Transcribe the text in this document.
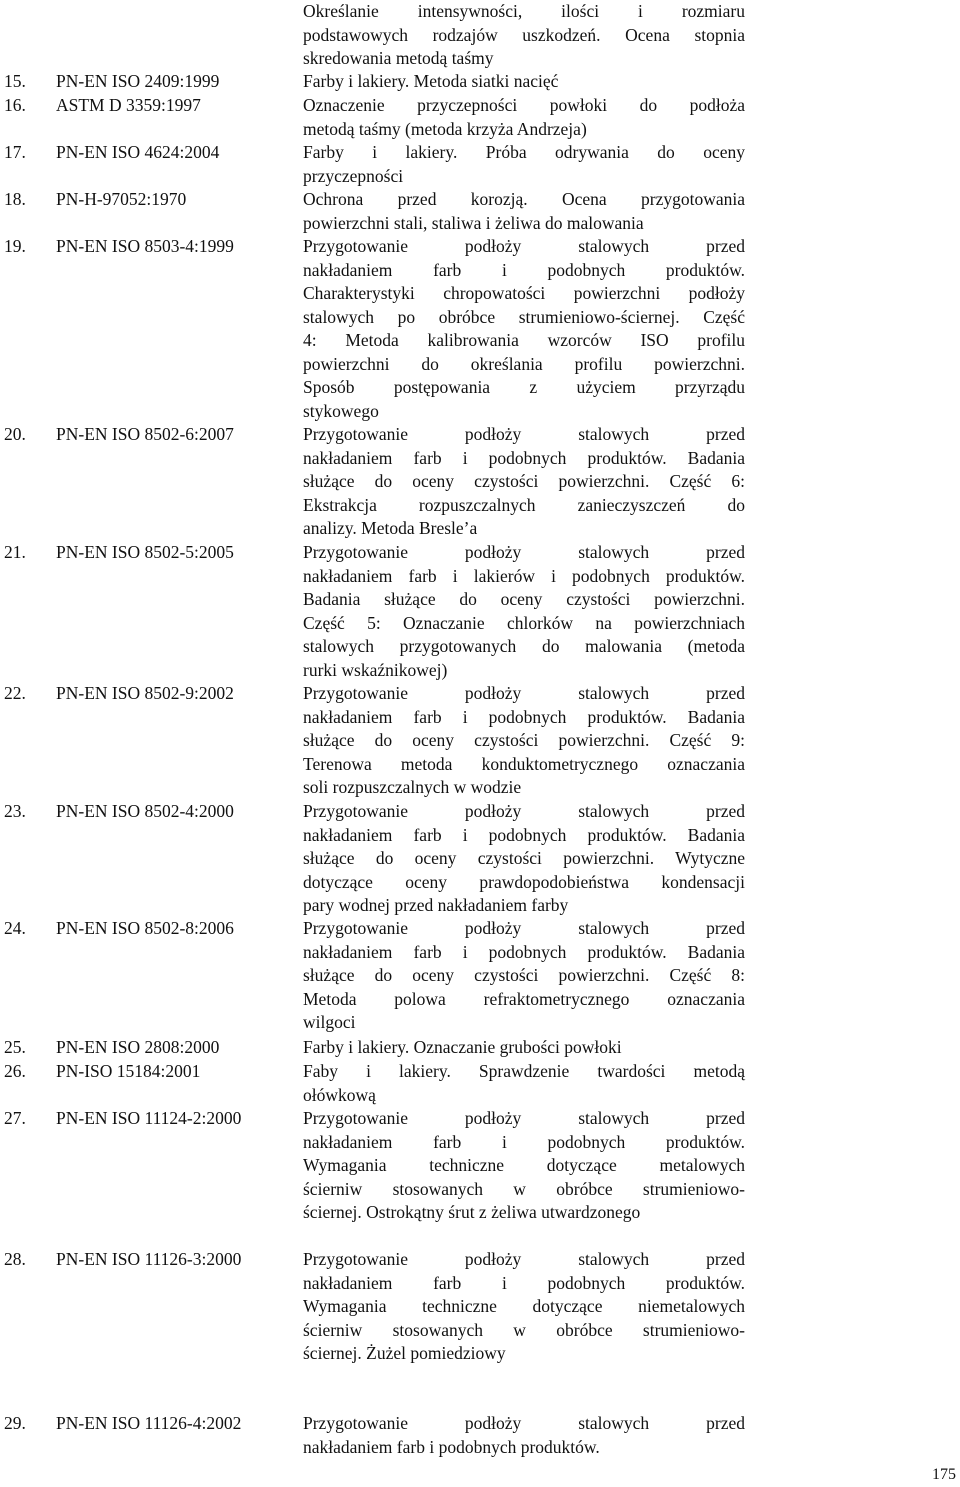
Określanie intensywności, ilości i rozmiaru
podstawowych rodzajów uszkodzeń. Ocena stopnia
skredowania metodą taśmy
15. PN-EN ISO 2409:1999	Farby i lakiery. Metoda siatki nacięć
16. ASTM D 3359:1997	Oznaczenie przyczepności powłoki do podłoża
metodą taśmy (metoda krzyża Andrzeja)
17. PN-EN ISO 4624:2004	Farby i lakiery. Próba odrywania do oceny
przyczepności
18. PN-H-97052:1970	Ochrona przed korozją. Ocena przygotowania
powierzchni stali, staliwa i żeliwa do malowania
19. PN-EN ISO 8503-4:1999	Przygotowanie podłoży stalowych przed
nakładaniem farb i podobnych produktów.
Charakterystyki chropowatości powierzchni podłoży
stalowych po obróbce strumieniowo-ściernej. Część
4: Metoda kalibrowania wzorców ISO profilu
powierzchni do określania profilu powierzchni.
Sposób postępowania z użyciem przyrządu
stykowego
20. PN-EN ISO 8502-6:2007	Przygotowanie podłoży stalowych przed
nakładaniem farb i podobnych produktów. Badania
służące do oceny czystości powierzchni. Część 6:
Ekstrakcja rozpuszczalnych zanieczyszczeń do
analizy. Metoda Bresle’a
21. PN-EN ISO 8502-5:2005	Przygotowanie podłoży stalowych przed
nakładaniem farb i lakierów i podobnych produktów.
Badania służące do oceny czystości powierzchni.
Część 5: Oznaczanie chlorków na powierzchniach
stalowych przygotowanych do malowania (metoda
rurki wskaźnikowej)
22. PN-EN ISO 8502-9:2002	Przygotowanie podłoży stalowych przed
nakładaniem farb i podobnych produktów. Badania
służące do oceny czystości powierzchni. Część 9:
Terenowa metoda konduktometrycznego oznaczania
soli rozpuszczalnych w wodzie
23. PN-EN ISO 8502-4:2000	Przygotowanie podłoży stalowych przed
nakładaniem farb i podobnych produktów. Badania
służące do oceny czystości powierzchni. Wytyczne
dotyczące oceny prawdopodobieństwa kondensacji
pary wodnej przed nakładaniem farby
24. PN-EN ISO 8502-8:2006	Przygotowanie podłoży stalowych przed
nakładaniem farb i podobnych produktów. Badania
służące do oceny czystości powierzchni. Część 8:
Metoda polowa refraktometrycznego oznaczania
wilgoci
25. PN-EN ISO 2808:2000	Farby i lakiery. Oznaczanie grubości powłoki
26. PN-ISO 15184:2001	Faby i lakiery. Sprawdzenie twardości metodą
ołówkową
27. PN-EN ISO 11124-2:2000	Przygotowanie podłoży stalowych przed
nakładaniem farb i podobnych produktów.
Wymagania techniczne dotyczące metalowych
ścierniw stosowanych w obróbce strumieniowo-
ściernej. Ostrokątny śrut z żeliwa utwardzonego
28. PN-EN ISO 11126-3:2000	Przygotowanie podłoży stalowych przed
nakładaniem farb i podobnych produktów.
Wymagania techniczne dotyczące niemetalowych
ścierniw stosowanych w obróbce strumieniowo-
ściernej. Żużel pomiedziowy
29. PN-EN ISO 11126-4:2002	Przygotowanie podłoży stalowych przed
nakładaniem farb i podobnych produktów.
175
